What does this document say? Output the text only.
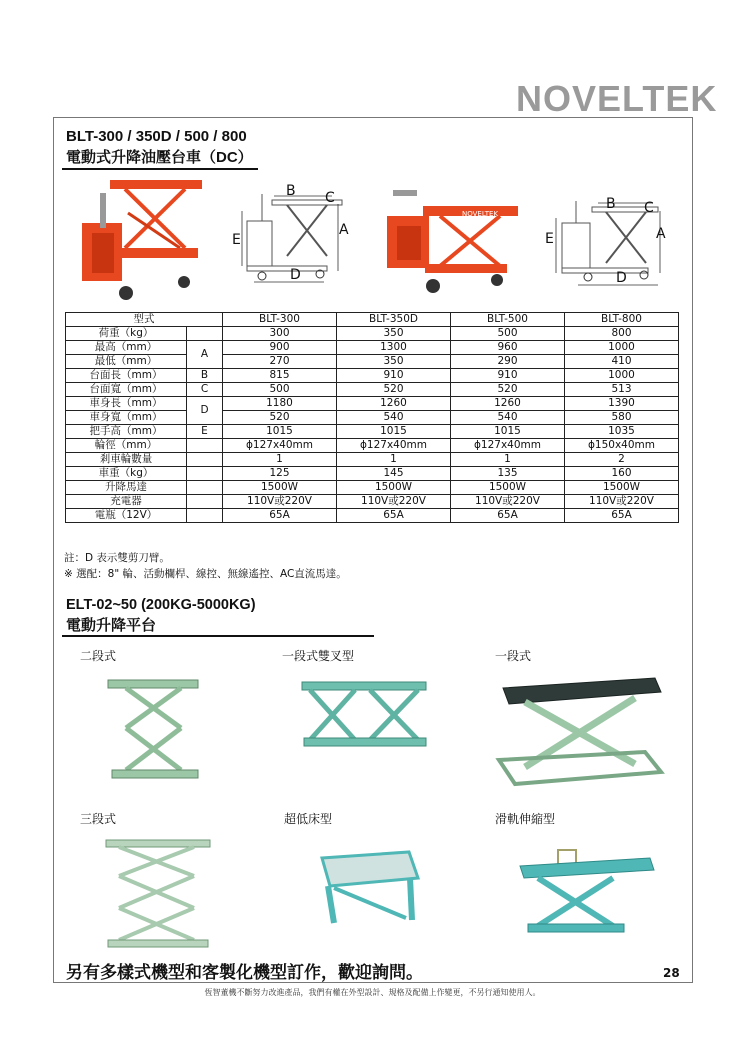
NOVELTEK
BLT-300 / 350D / 500 / 800
電動式升降油壓台車（DC）
B C
A
E
D
NOVELTEK
B C
A
E
D
型式		BLT-300	BLT-350D	BLT-500	BLT-800
荷重（kg）		300	350	500	800
最高（mm）	A	900	1300	960	1000
最低（mm）		270	350	290	410
台面長（mm）	B	815	910	910	1000
台面寬（mm）	C	500	520	520	513
車身長（mm）	D	1180	1260	1260	1390
車身寬（mm）		520	540	540	580
把手高（mm）	E	1015	1015	1015	1035
輪徑（mm）		ϕ127x40mm	ϕ127x40mm	ϕ127x40mm	ϕ150x40mm
剎車輪數量		1	1	1	2
車重（kg）		125	145	135	160
升降馬達		1500W	1500W	1500W	1500W
充電器		110V或220V	110V或220V	110V或220V	110V或220V
電瓶（12V）		65A	65A	65A	65A
註：D 表示雙剪刀臂。
※ 選配：8" 輪、活動欄桿、線控、無線遙控、AC直流馬達。
ELT-02~50 (200KG-5000KG)
電動升降平台
二段式	一段式雙叉型	一段式
三段式	超低床型	滑軌伸縮型
另有多樣式機型和客製化機型訂作，歡迎詢問。	28
恆智董機不斷努力改進產品，我們有權在外型設計、規格及配備上作變更，不另行通知使用人。
